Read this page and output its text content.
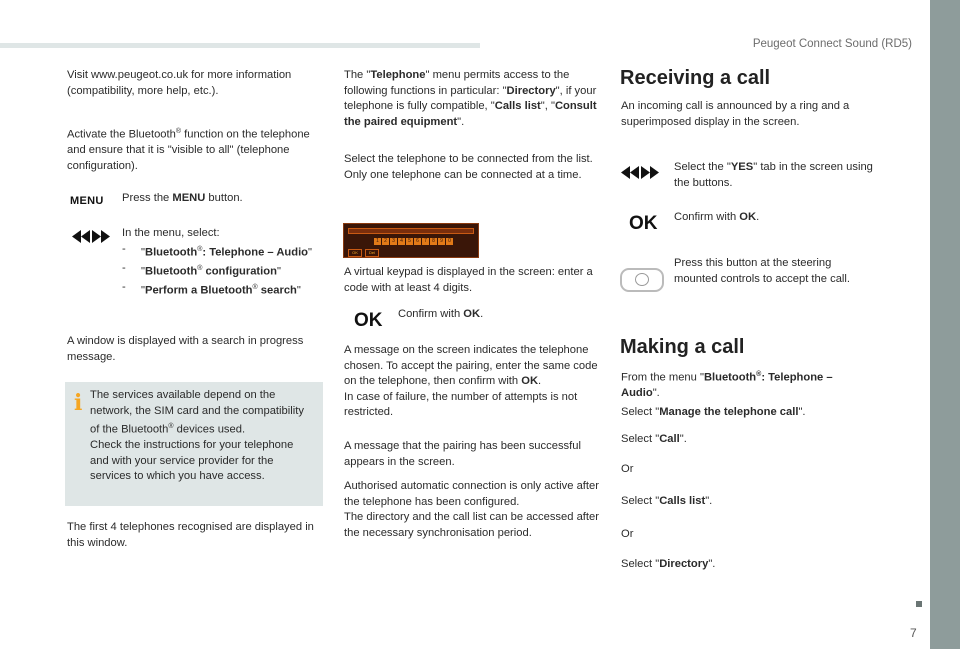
Peugeot Connect Sound (RD5)
7

Visit www.peugeot.co.uk for more information (compatibility, more help, etc.).

Activate the Bluetooth® function on the telephone and ensure that it is "visible to all" (telephone configuration).

MENU Press the MENU button.

In the menu, select:
- "Bluetooth®: Telephone – Audio"
- "Bluetooth® configuration"
- "Perform a Bluetooth® search"

A window is displayed with a search in progress message.

i The services available depend on the network, the SIM card and the compatibility of the Bluetooth® devices used.
Check the instructions for your telephone and with your service provider for the services to which you have access.

The first 4 telephones recognised are displayed in this window.

The "Telephone" menu permits access to the following functions in particular: "Directory", if your telephone is fully compatible, "Calls list", "Consult the paired equipment".

Select the telephone to be connected from the list. Only one telephone can be connected at a time.

1	2	3	4	5	6	7	8	9	0
OK	Del

A virtual keypad is displayed in the screen: enter a code with at least 4 digits.

OK Confirm with OK.

A message on the screen indicates the telephone chosen. To accept the pairing, enter the same code on the telephone, then confirm with OK.
In case of failure, the number of attempts is not restricted.

A message that the pairing has been successful appears in the screen.

Authorised automatic connection is only active after the telephone has been configured.
The directory and the call list can be accessed after the necessary synchronisation period.

Receiving a call

An incoming call is announced by a ring and a superimposed display in the screen.

Select the "YES" tab in the screen using the buttons.

OK Confirm with OK.

Press this button at the steering mounted controls to accept the call.

Making a call

From the menu "Bluetooth®: Telephone – Audio".

Select "Manage the telephone call".

Select "Call".

Or

Select "Calls list".

Or

Select "Directory".
